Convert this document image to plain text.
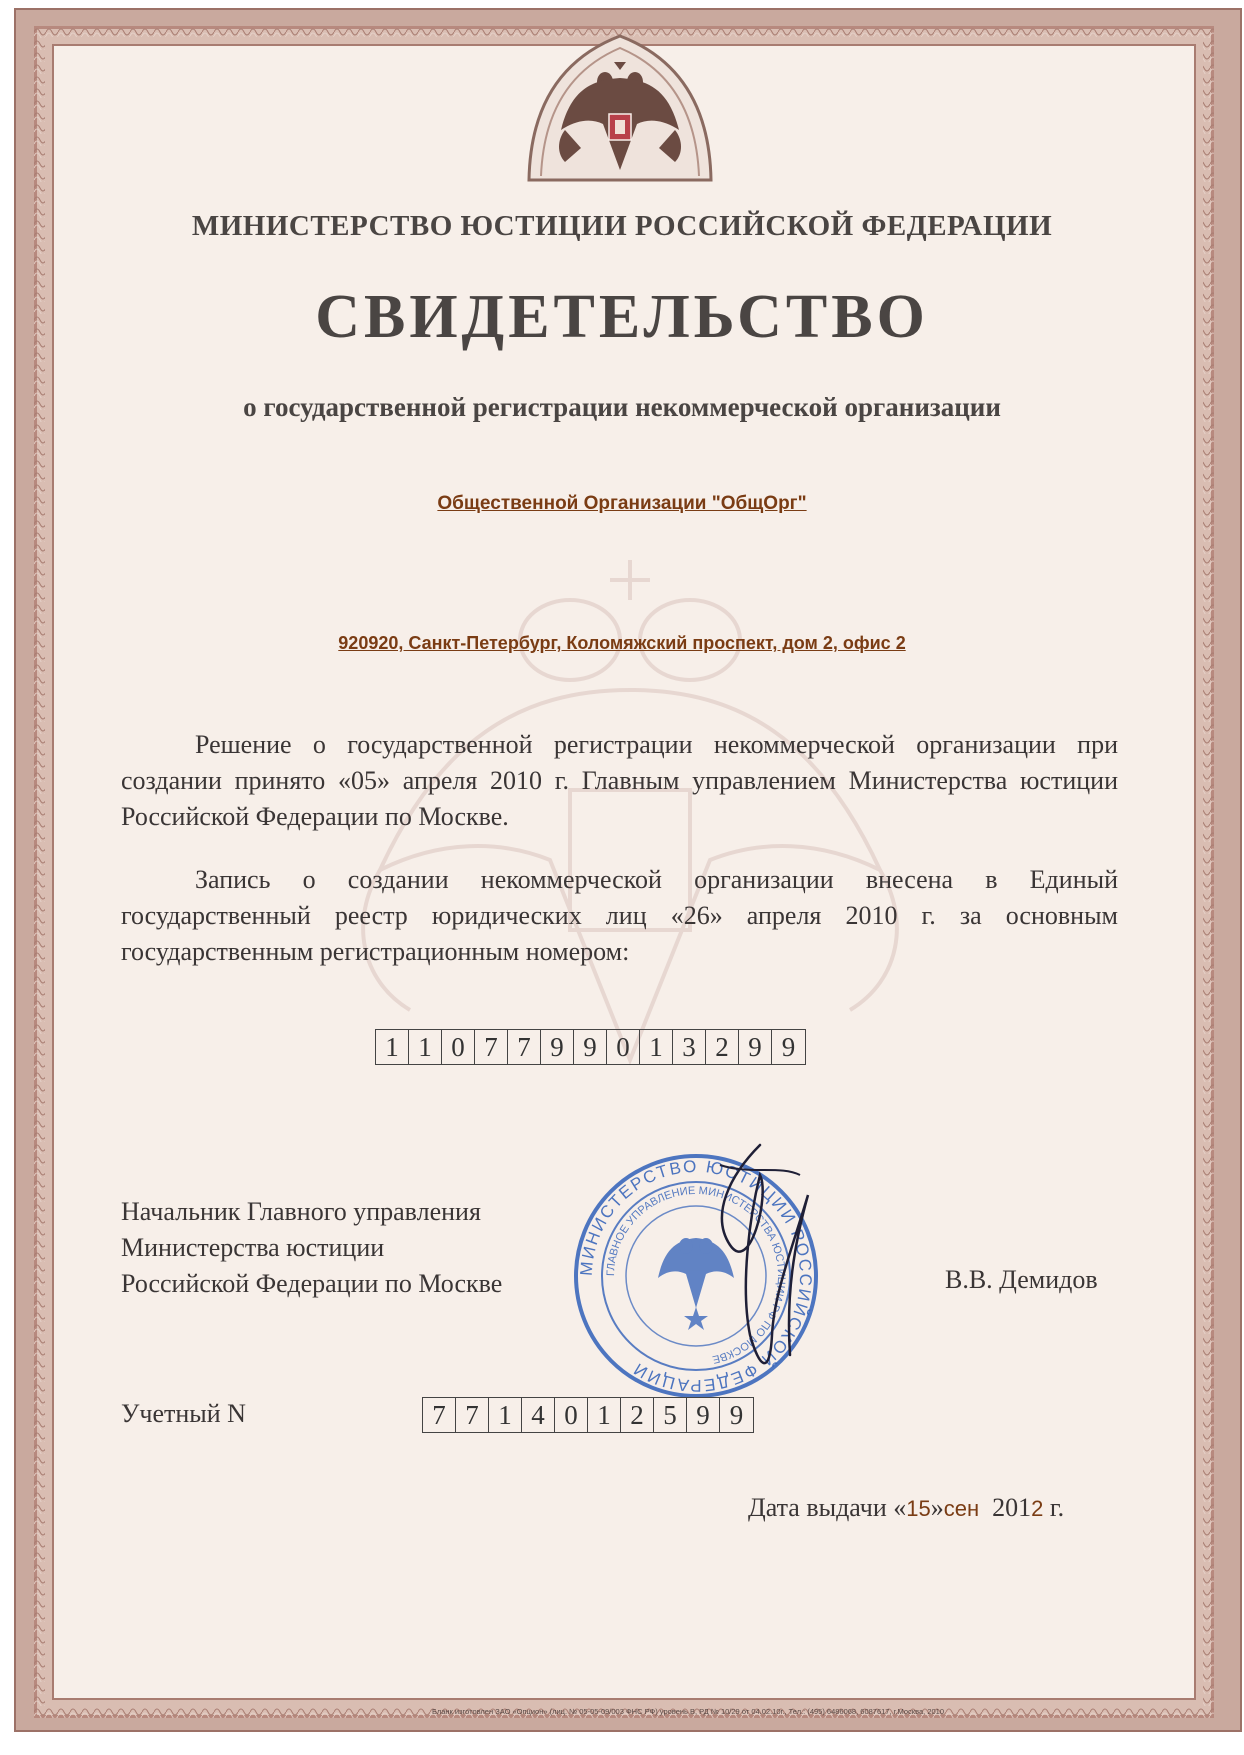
МИНИСТЕРСТВО ЮСТИЦИИ РОССИЙСКОЙ ФЕДЕРАЦИИ
СВИДЕТЕЛЬСТВО
о государственной регистрации некоммерческой организации
Общественной Организации "ОбщОрг"
920920, Санкт-Петербург, Коломяжский проспект, дом 2, офис 2
Решение о государственной регистрации некоммерческой организации при создании принято «05» апреля 2010 г. Главным управлением Министерства юстиции Российской Федерации по Москве.
Запись о создании некоммерческой организации внесена в Единый государственный реестр юридических лиц «26» апреля 2010 г. за основным государственным регистрационным номером:
1 1 0 7 7 9 9 0 1 3 2 9 9
Начальник Главного управления
Министерства юстиции
Российской Федерации по Москве
МИНИСТЕРСТВО ЮСТИЦИИ РОССИЙСКОЙ ФЕДЕРАЦИИ
ГЛАВНОЕ УПРАВЛЕНИЕ МИНИСТЕРСТВА ЮСТИЦИИ РФ ПО МОСКВЕ
В.В. Демидов
Учетный N	7 7 1 4 0 1 2 5 9 9
Дата выдачи «15»сен 2012 г.
Бланк изготовлен ЗАО «Опцион» (лиц. № 05-05-09/003 ФНС РФ) уровень В, РД № 10/29 от 04.02.10г., Тел.: (495) 6486068, 6087617, г.Москва, 2010
